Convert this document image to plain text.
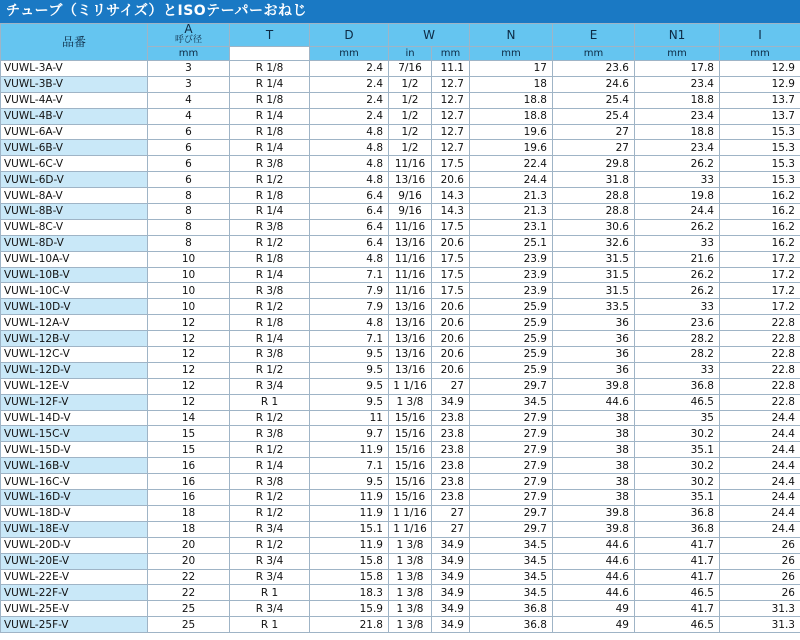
チューブ（ミリサイズ）とISOテーパーおねじ
品番	A
呼び径	T	D	W		N	E	N1	I
	mm		mm	in	mm	mm	mm	mm	mm
VUWL-3A-V	3	R 1/8	2.4	7/16	11.1	17	23.6	17.8	12.9
VUWL-3B-V	3	R 1/4	2.4	1/2	12.7	18	24.6	23.4	12.9
VUWL-4A-V	4	R 1/8	2.4	1/2	12.7	18.8	25.4	18.8	13.7
VUWL-4B-V	4	R 1/4	2.4	1/2	12.7	18.8	25.4	23.4	13.7
VUWL-6A-V	6	R 1/8	4.8	1/2	12.7	19.6	27	18.8	15.3
VUWL-6B-V	6	R 1/4	4.8	1/2	12.7	19.6	27	23.4	15.3
VUWL-6C-V	6	R 3/8	4.8	11/16	17.5	22.4	29.8	26.2	15.3
VUWL-6D-V	6	R 1/2	4.8	13/16	20.6	24.4	31.8	33	15.3
VUWL-8A-V	8	R 1/8	6.4	9/16	14.3	21.3	28.8	19.8	16.2
VUWL-8B-V	8	R 1/4	6.4	9/16	14.3	21.3	28.8	24.4	16.2
VUWL-8C-V	8	R 3/8	6.4	11/16	17.5	23.1	30.6	26.2	16.2
VUWL-8D-V	8	R 1/2	6.4	13/16	20.6	25.1	32.6	33	16.2
VUWL-10A-V	10	R 1/8	4.8	11/16	17.5	23.9	31.5	21.6	17.2
VUWL-10B-V	10	R 1/4	7.1	11/16	17.5	23.9	31.5	26.2	17.2
VUWL-10C-V	10	R 3/8	7.9	11/16	17.5	23.9	31.5	26.2	17.2
VUWL-10D-V	10	R 1/2	7.9	13/16	20.6	25.9	33.5	33	17.2
VUWL-12A-V	12	R 1/8	4.8	13/16	20.6	25.9	36	23.6	22.8
VUWL-12B-V	12	R 1/4	7.1	13/16	20.6	25.9	36	28.2	22.8
VUWL-12C-V	12	R 3/8	9.5	13/16	20.6	25.9	36	28.2	22.8
VUWL-12D-V	12	R 1/2	9.5	13/16	20.6	25.9	36	33	22.8
VUWL-12E-V	12	R 3/4	9.5	1 1/16	27	29.7	39.8	36.8	22.8
VUWL-12F-V	12	R 1	9.5	1 3/8	34.9	34.5	44.6	46.5	22.8
VUWL-14D-V	14	R 1/2	11	15/16	23.8	27.9	38	35	24.4
VUWL-15C-V	15	R 3/8	9.7	15/16	23.8	27.9	38	30.2	24.4
VUWL-15D-V	15	R 1/2	11.9	15/16	23.8	27.9	38	35.1	24.4
VUWL-16B-V	16	R 1/4	7.1	15/16	23.8	27.9	38	30.2	24.4
VUWL-16C-V	16	R 3/8	9.5	15/16	23.8	27.9	38	30.2	24.4
VUWL-16D-V	16	R 1/2	11.9	15/16	23.8	27.9	38	35.1	24.4
VUWL-18D-V	18	R 1/2	11.9	1 1/16	27	29.7	39.8	36.8	24.4
VUWL-18E-V	18	R 3/4	15.1	1 1/16	27	29.7	39.8	36.8	24.4
VUWL-20D-V	20	R 1/2	11.9	1 3/8	34.9	34.5	44.6	41.7	26
VUWL-20E-V	20	R 3/4	15.8	1 3/8	34.9	34.5	44.6	41.7	26
VUWL-22E-V	22	R 3/4	15.8	1 3/8	34.9	34.5	44.6	41.7	26
VUWL-22F-V	22	R 1	18.3	1 3/8	34.9	34.5	44.6	46.5	26
VUWL-25E-V	25	R 3/4	15.9	1 3/8	34.9	36.8	49	41.7	31.3
VUWL-25F-V	25	R 1	21.8	1 3/8	34.9	36.8	49	46.5	31.3
